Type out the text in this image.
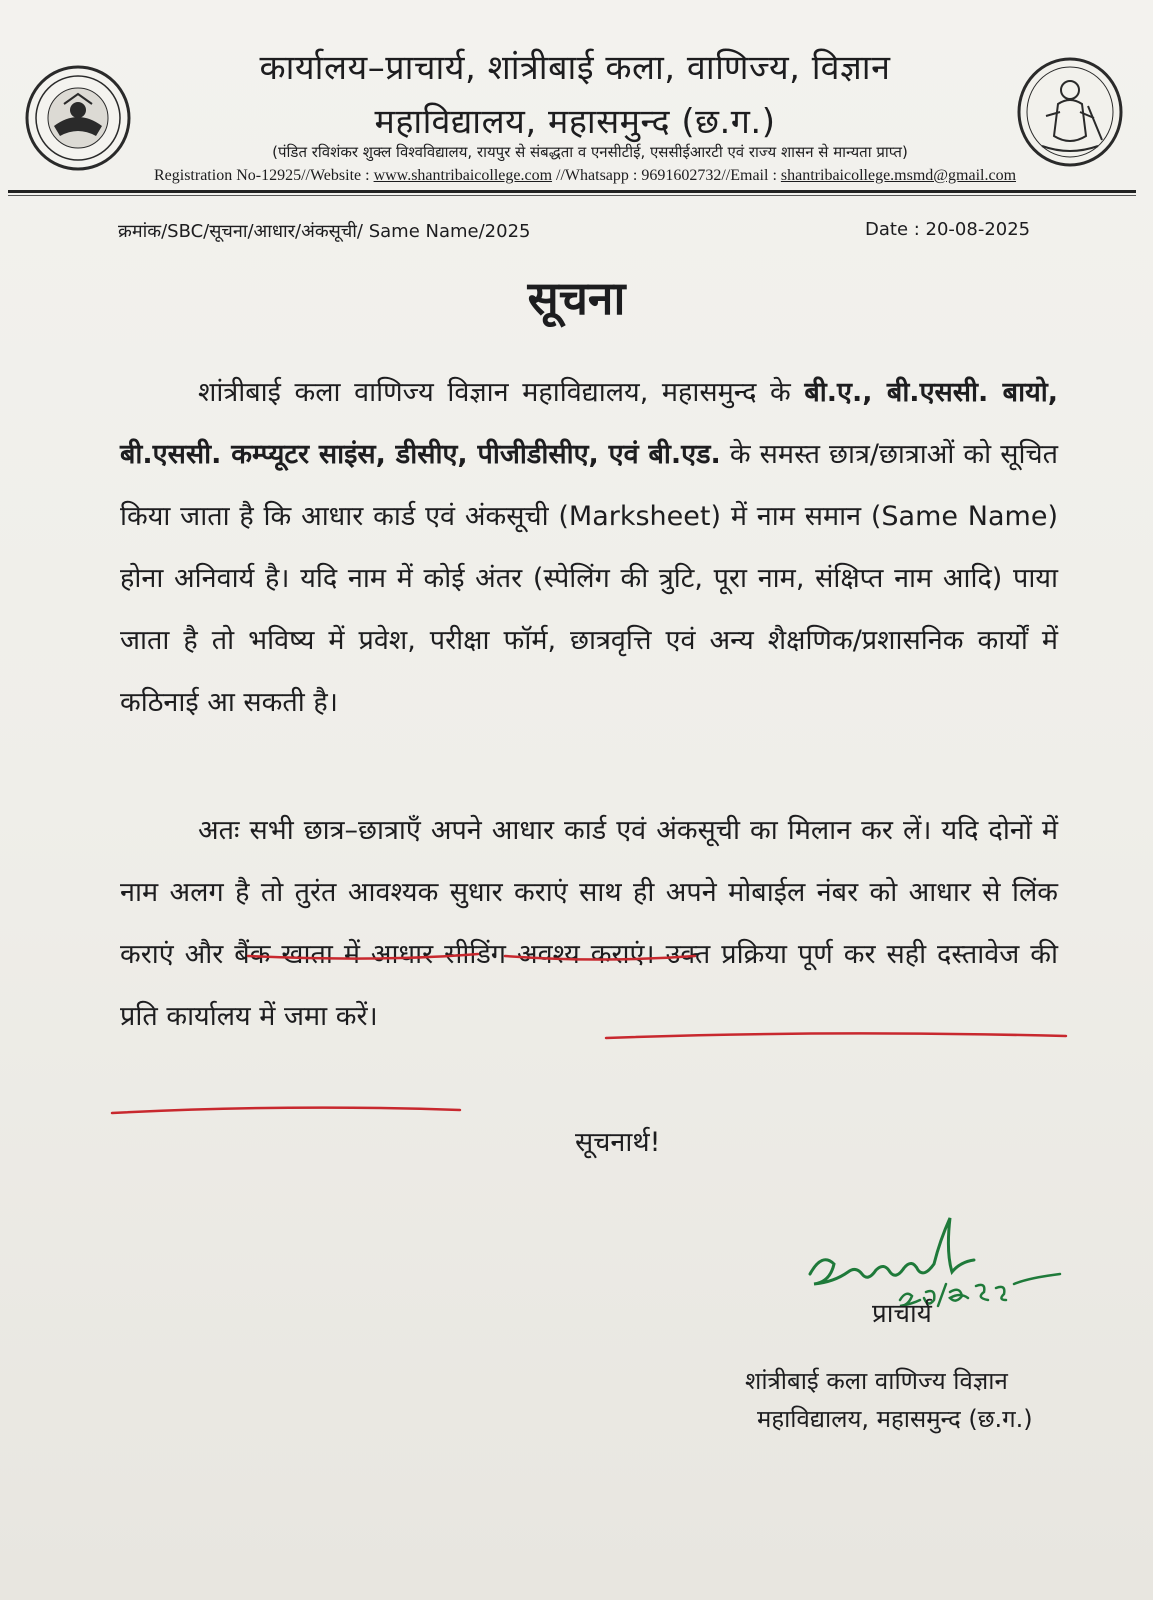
कार्यालय–प्राचार्य, शांत्रीबाई कला, वाणिज्य, विज्ञान
महाविद्यालय, महासमुन्द (छ.ग.)
(पंडित रविशंकर शुक्ल विश्वविद्यालय, रायपुर से संबद्धता व एनसीटीई, एससीईआरटी एवं राज्य शासन से मान्यता प्राप्त)
Registration No-12925//Website : www.shantribaicollege.com //Whatsapp : 9691602732//Email : shantribaicollege.msmd@gmail.com
क्रमांक/SBC/सूचना/आधार/अंकसूची/ Same Name/2025	Date : 20-08-2025
सूचना
शांत्रीबाई कला वाणिज्य विज्ञान महाविद्यालय, महासमुन्द के बी.ए., बी.एससी. बायो, बी.एससी. कम्प्यूटर साइंस, डीसीए, पीजीडीसीए, एवं बी.एड. के समस्त छात्र/छात्राओं को सूचित किया जाता है कि आधार कार्ड एवं अंकसूची (Marksheet) में नाम समान (Same Name) होना अनिवार्य है। यदि नाम में कोई अंतर (स्पेलिंग की त्रुटि, पूरा नाम, संक्षिप्त नाम आदि) पाया जाता है तो भविष्य में प्रवेश, परीक्षा फॉर्म, छात्रवृत्ति एवं अन्य शैक्षणिक/प्रशासनिक कार्यों में कठिनाई आ सकती है।
अतः सभी छात्र–छात्राएँ अपने आधार कार्ड एवं अंकसूची का मिलान कर लें। यदि दोनों में नाम अलग है तो तुरंत आवश्यक सुधार कराएं साथ ही अपने मोबाईल नंबर को आधार से लिंक कराएं और बैंक खाता में आधार सीडिंग अवश्य कराएं। उक्त प्रक्रिया पूर्ण कर सही दस्तावेज की प्रति कार्यालय में जमा करें।
सूचनार्थ!
प्राचार्य
शांत्रीबाई कला वाणिज्य विज्ञान
महाविद्यालय, महासमुन्द (छ.ग.)
